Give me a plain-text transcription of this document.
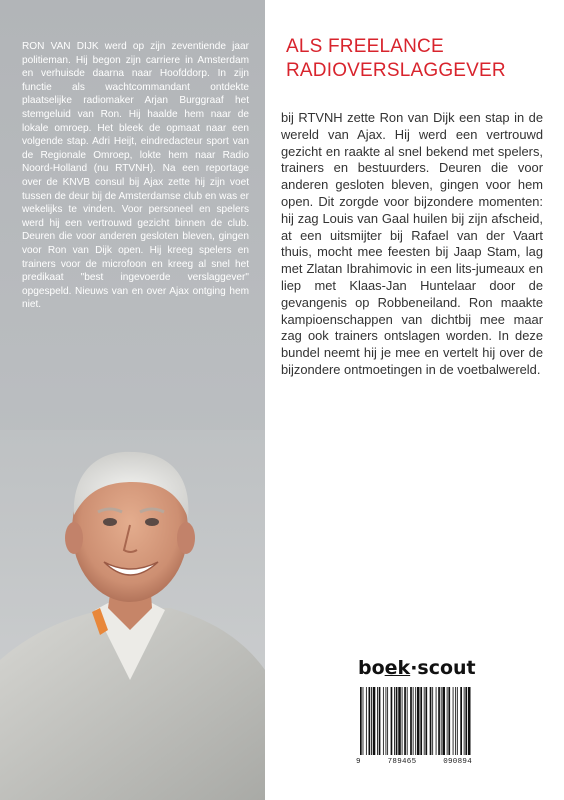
RON VAN DIJK werd op zijn zeventiende jaar politieman. Hij begon zijn carriere in Amsterdam en verhuisde daarna naar Hoofddorp. In zijn functie als wachtcommandant ontdekte plaatselijke radiomaker Arjan Burggraaf het stemgeluid van Ron. Hij haalde hem naar de lokale omroep. Het bleek de opmaat naar een volgende stap. Adri Heijt, eindredacteur sport van de Regionale Omroep, lokte hem naar Radio Noord-Holland (nu RTVNH). Na een reportage over de KNVB consul bij Ajax zette hij zijn voet tussen de deur bij de Amsterdamse club en was er wekelijks te vinden. Voor personeel en spelers werd hij een vertrouwd gezicht binnen de club. Deuren die voor anderen gesloten bleven, gingen voor Ron van Dijk open. Hij kreeg spelers en trainers voor de microfoon en kreeg al snel het predikaat "best ingevoerde verslaggever" opgespeld. Nieuws van en over Ajax ontging hem niet.

ALS FREELANCE
RADIOVERSLAGGEVER

bij RTVNH zette Ron van Dijk een stap in de wereld van Ajax. Hij werd een vertrouwd gezicht en raakte al snel bekend met spelers, trainers en bestuurders. Deuren die voor anderen gesloten bleven, gingen voor hem open. Dit zorgde voor bijzondere momenten: hij zag Louis van Gaal huilen bij zijn afscheid, at een uitsmijter bij Rafael van der Vaart thuis, mocht mee feesten bij Jaap Stam, lag met Zlatan Ibrahimovic in een lits-jumeaux en liep met Klaas-Jan Huntelaar door de gevangenis op Robbeneiland. Ron maakte kampioenschappen van dichtbij mee maar zag ook trainers ontslagen worden. In deze bundel neemt hij je mee en vertelt hij over de bijzondere ontmoetingen in de voetbalwereld.

boek·scout
9	789465	090894
